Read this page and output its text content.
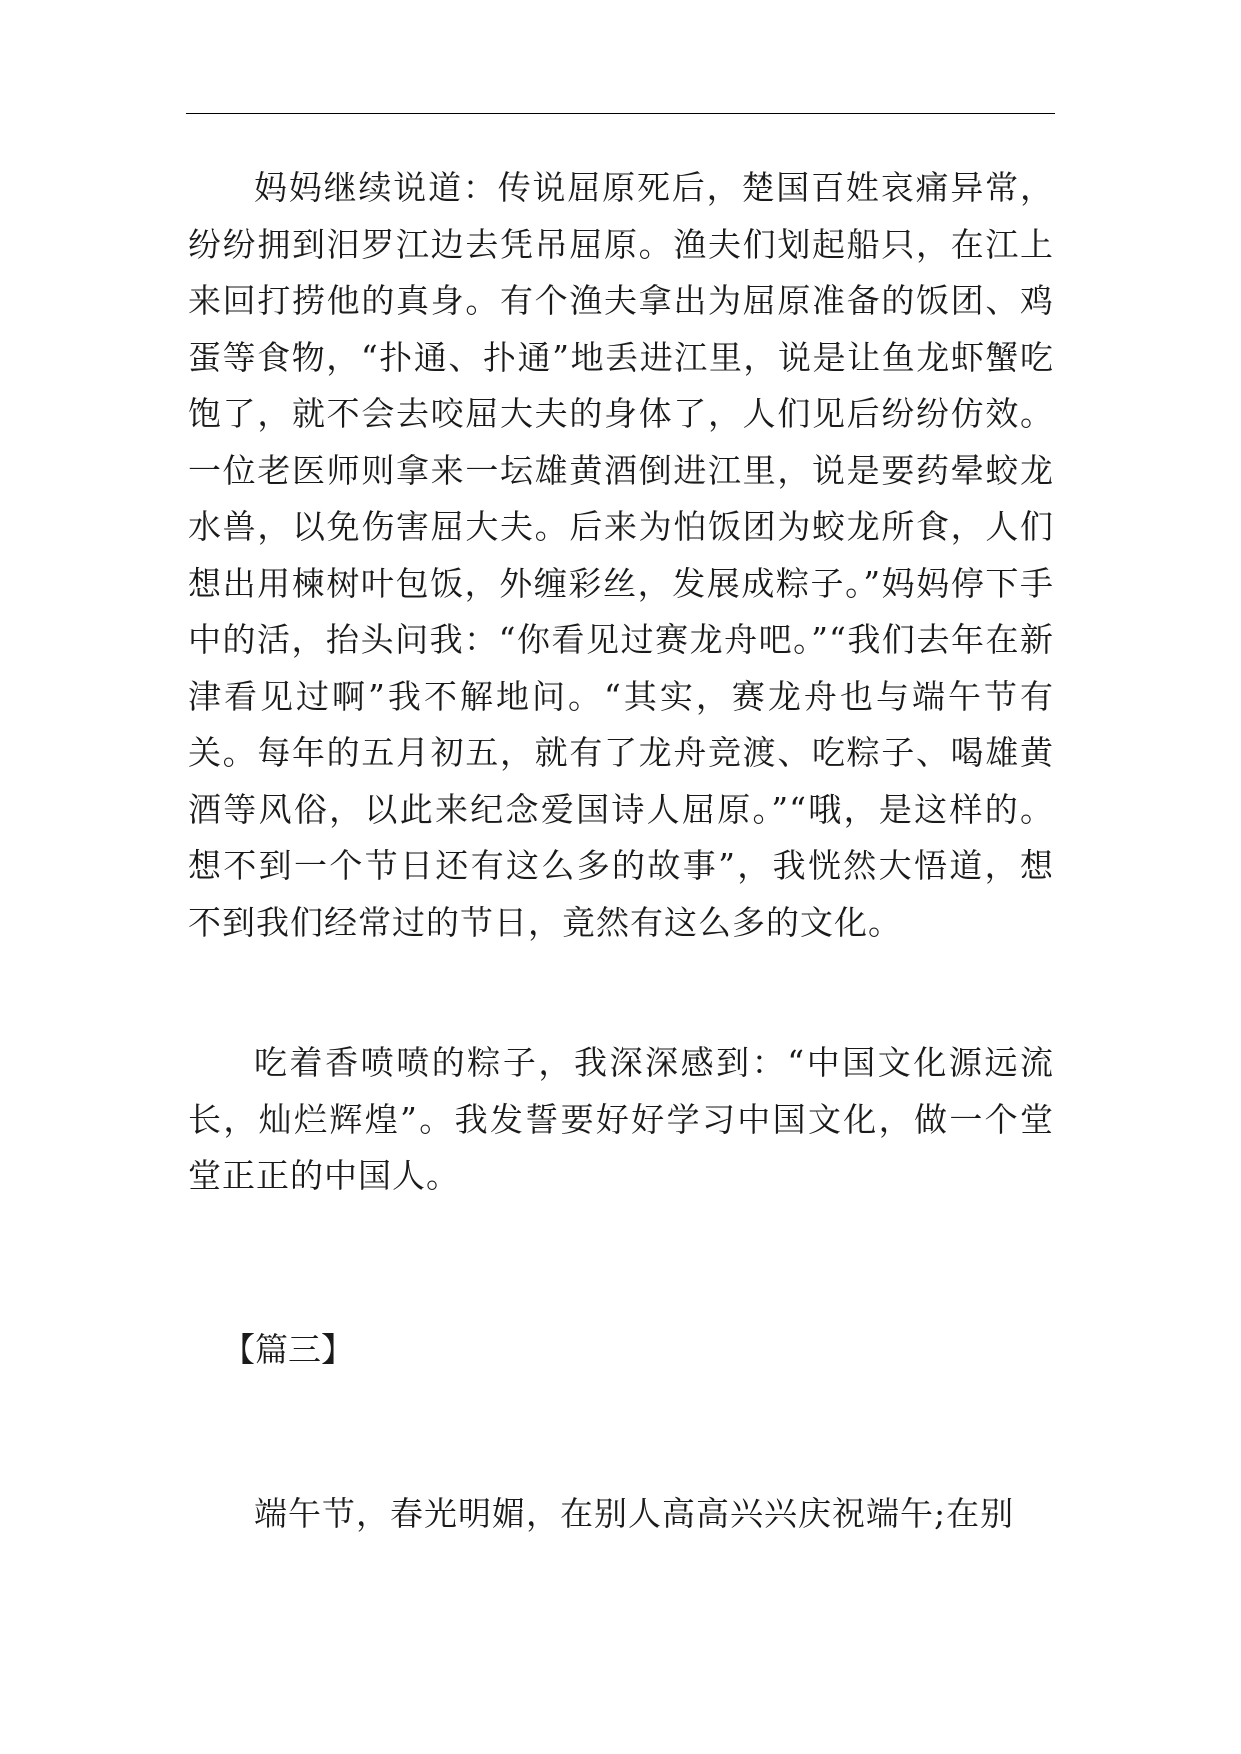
妈妈继续说道：传说屈原死后，楚国百姓哀痛异常，纷纷拥到汨罗江边去凭吊屈原。渔夫们划起船只，在江上来回打捞他的真身。有个渔夫拿出为屈原准备的饭团、鸡蛋等食物，“扑通、扑通”地丢进江里，说是让鱼龙虾蟹吃饱了，就不会去咬屈大夫的身体了，人们见后纷纷仿效。一位老医师则拿来一坛雄黄酒倒进江里，说是要药晕蛟龙水兽，以免伤害屈大夫。后来为怕饭团为蛟龙所食，人们想出用楝树叶包饭，外缠彩丝，发展成粽子。”妈妈停下手中的活，抬头问我：“你看见过赛龙舟吧。”“我们去年在新津看见过啊”我不解地问。“其实，赛龙舟也与端午节有关。每年的五月初五，就有了龙舟竞渡、吃粽子、喝雄黄酒等风俗，以此来纪念爱国诗人屈原。”“哦，是这样的。想不到一个节日还有这么多的故事”，我恍然大悟道，想不到我们经常过的节日，竟然有这么多的文化。

吃着香喷喷的粽子，我深深感到：“中国文化源远流长，灿烂辉煌”。我发誓要好好学习中国文化，做一个堂堂正正的中国人。

【篇三】

端午节，春光明媚，在别人高高兴兴庆祝端午;在别
